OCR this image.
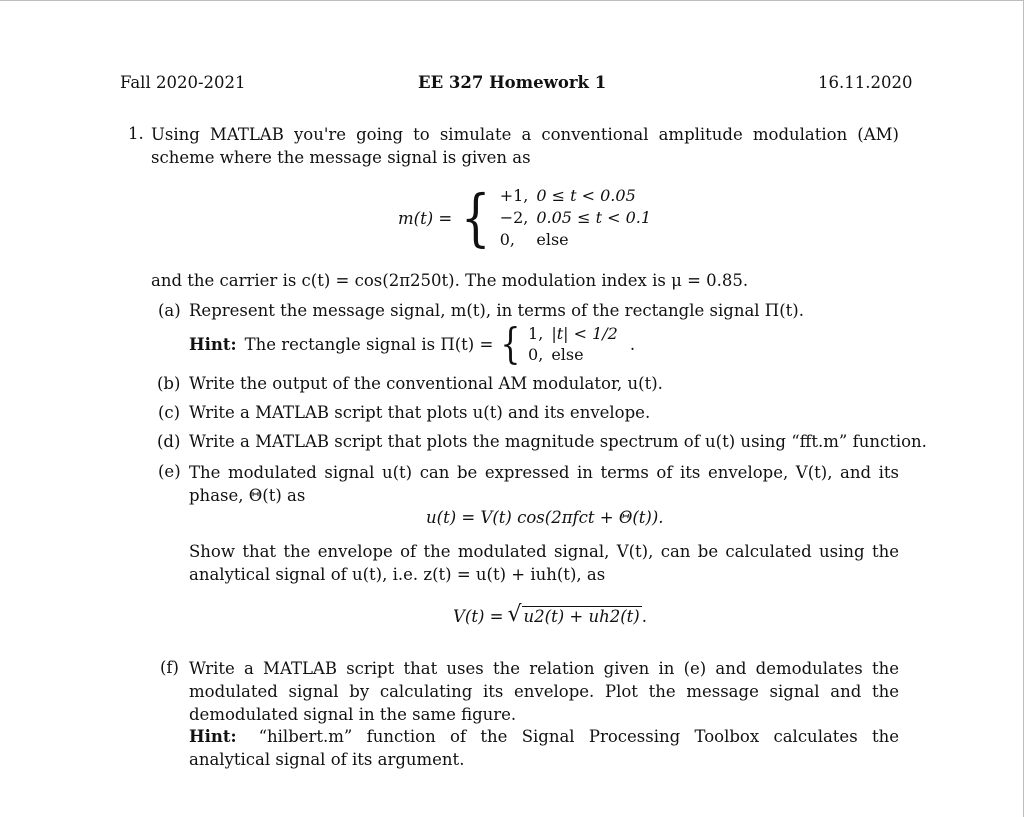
Fall 2020-2021	EE 327 Homework 1	16.11.2020
1. Using MATLAB you're going to simulate a conventional amplitude modulation (AM) scheme where the message signal is given as
m(t) = { +1,	0 ≤ t < 0.05
−2,	0.05 ≤ t < 0.1
0,	else
and the carrier is c(t) = cos(2π250t). The modulation index is μ = 0.85.
(a) Represent the message signal, m(t), in terms of the rectangle signal Π(t).
Hint: The rectangle signal is Π(t) = { 1,	|t| < 1/2
0,	else
.
(b) Write the output of the conventional AM modulator, u(t).
(c) Write a MATLAB script that plots u(t) and its envelope.
(d) Write a MATLAB script that plots the magnitude spectrum of u(t) using “fft.m” function.
(e) The modulated signal u(t) can be expressed in terms of its envelope, V(t), and its phase, Θ(t) as
u(t) = V(t) cos(2πfct + Θ(t)).
Show that the envelope of the modulated signal, V(t), can be calculated using the analytical signal of u(t), i.e. z(t) = u(t) + iuh(t), as
V(t) = √ u2(t) + uh2(t) .
(f) Write a MATLAB script that uses the relation given in (e) and demodulates the modulated signal by calculating its envelope. Plot the message signal and the demodulated signal in the same figure.
Hint: “hilbert.m” function of the Signal Processing Toolbox calculates the analytical signal of its argument.
